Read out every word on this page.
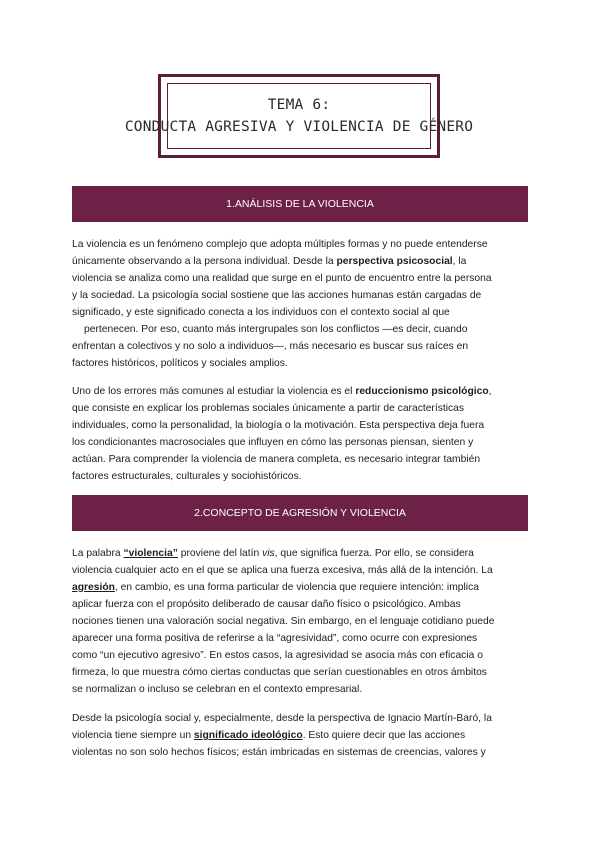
TEMA 6:
CONDUCTA AGRESIVA Y VIOLENCIA DE GÉNERO
1.ANÁLISIS DE LA VIOLENCIA
La violencia es un fenómeno complejo que adopta múltiples formas y no puede entenderse
únicamente observando a la persona individual. Desde la perspectiva psicosocial, la
violencia se analiza como una realidad que surge en el punto de encuentro entre la persona
y la sociedad. La psicología social sostiene que las acciones humanas están cargadas de
significado, y este significado conecta a los individuos con el contexto social al que
pertenecen. Por eso, cuanto más intergrupales son los conflictos —es decir, cuando
enfrentan a colectivos y no solo a individuos—, más necesario es buscar sus raíces en
factores históricos, políticos y sociales amplios.
Uno de los errores más comunes al estudiar la violencia es el reduccionismo psicológico,
que consiste en explicar los problemas sociales únicamente a partir de características
individuales, como la personalidad, la biología o la motivación. Esta perspectiva deja fuera
los condicionantes macrosociales que influyen en cómo las personas piensan, sienten y
actúan. Para comprender la violencia de manera completa, es necesario integrar también
factores estructurales, culturales y sociohistóricos.
2.CONCEPTO DE AGRESIÓN Y VIOLENCIA
La palabra “violencia” proviene del latín vis, que significa fuerza. Por ello, se considera
violencia cualquier acto en el que se aplica una fuerza excesiva, más allá de la intención. La
agresión, en cambio, es una forma particular de violencia que requiere intención: implica
aplicar fuerza con el propósito deliberado de causar daño físico o psicológico. Ambas
nociones tienen una valoración social negativa. Sin embargo, en el lenguaje cotidiano puede
aparecer una forma positiva de referirse a la “agresividad”, como ocurre con expresiones
como “un ejecutivo agresivo”. En estos casos, la agresividad se asocia más con eficacia o
firmeza, lo que muestra cómo ciertas conductas que serían cuestionables en otros ámbitos
se normalizan o incluso se celebran en el contexto empresarial.
Desde la psicología social y, especialmente, desde la perspectiva de Ignacio Martín-Baró, la
violencia tiene siempre un significado ideológico. Esto quiere decir que las acciones
violentas no son solo hechos físicos; están imbricadas en sistemas de creencias, valores y
